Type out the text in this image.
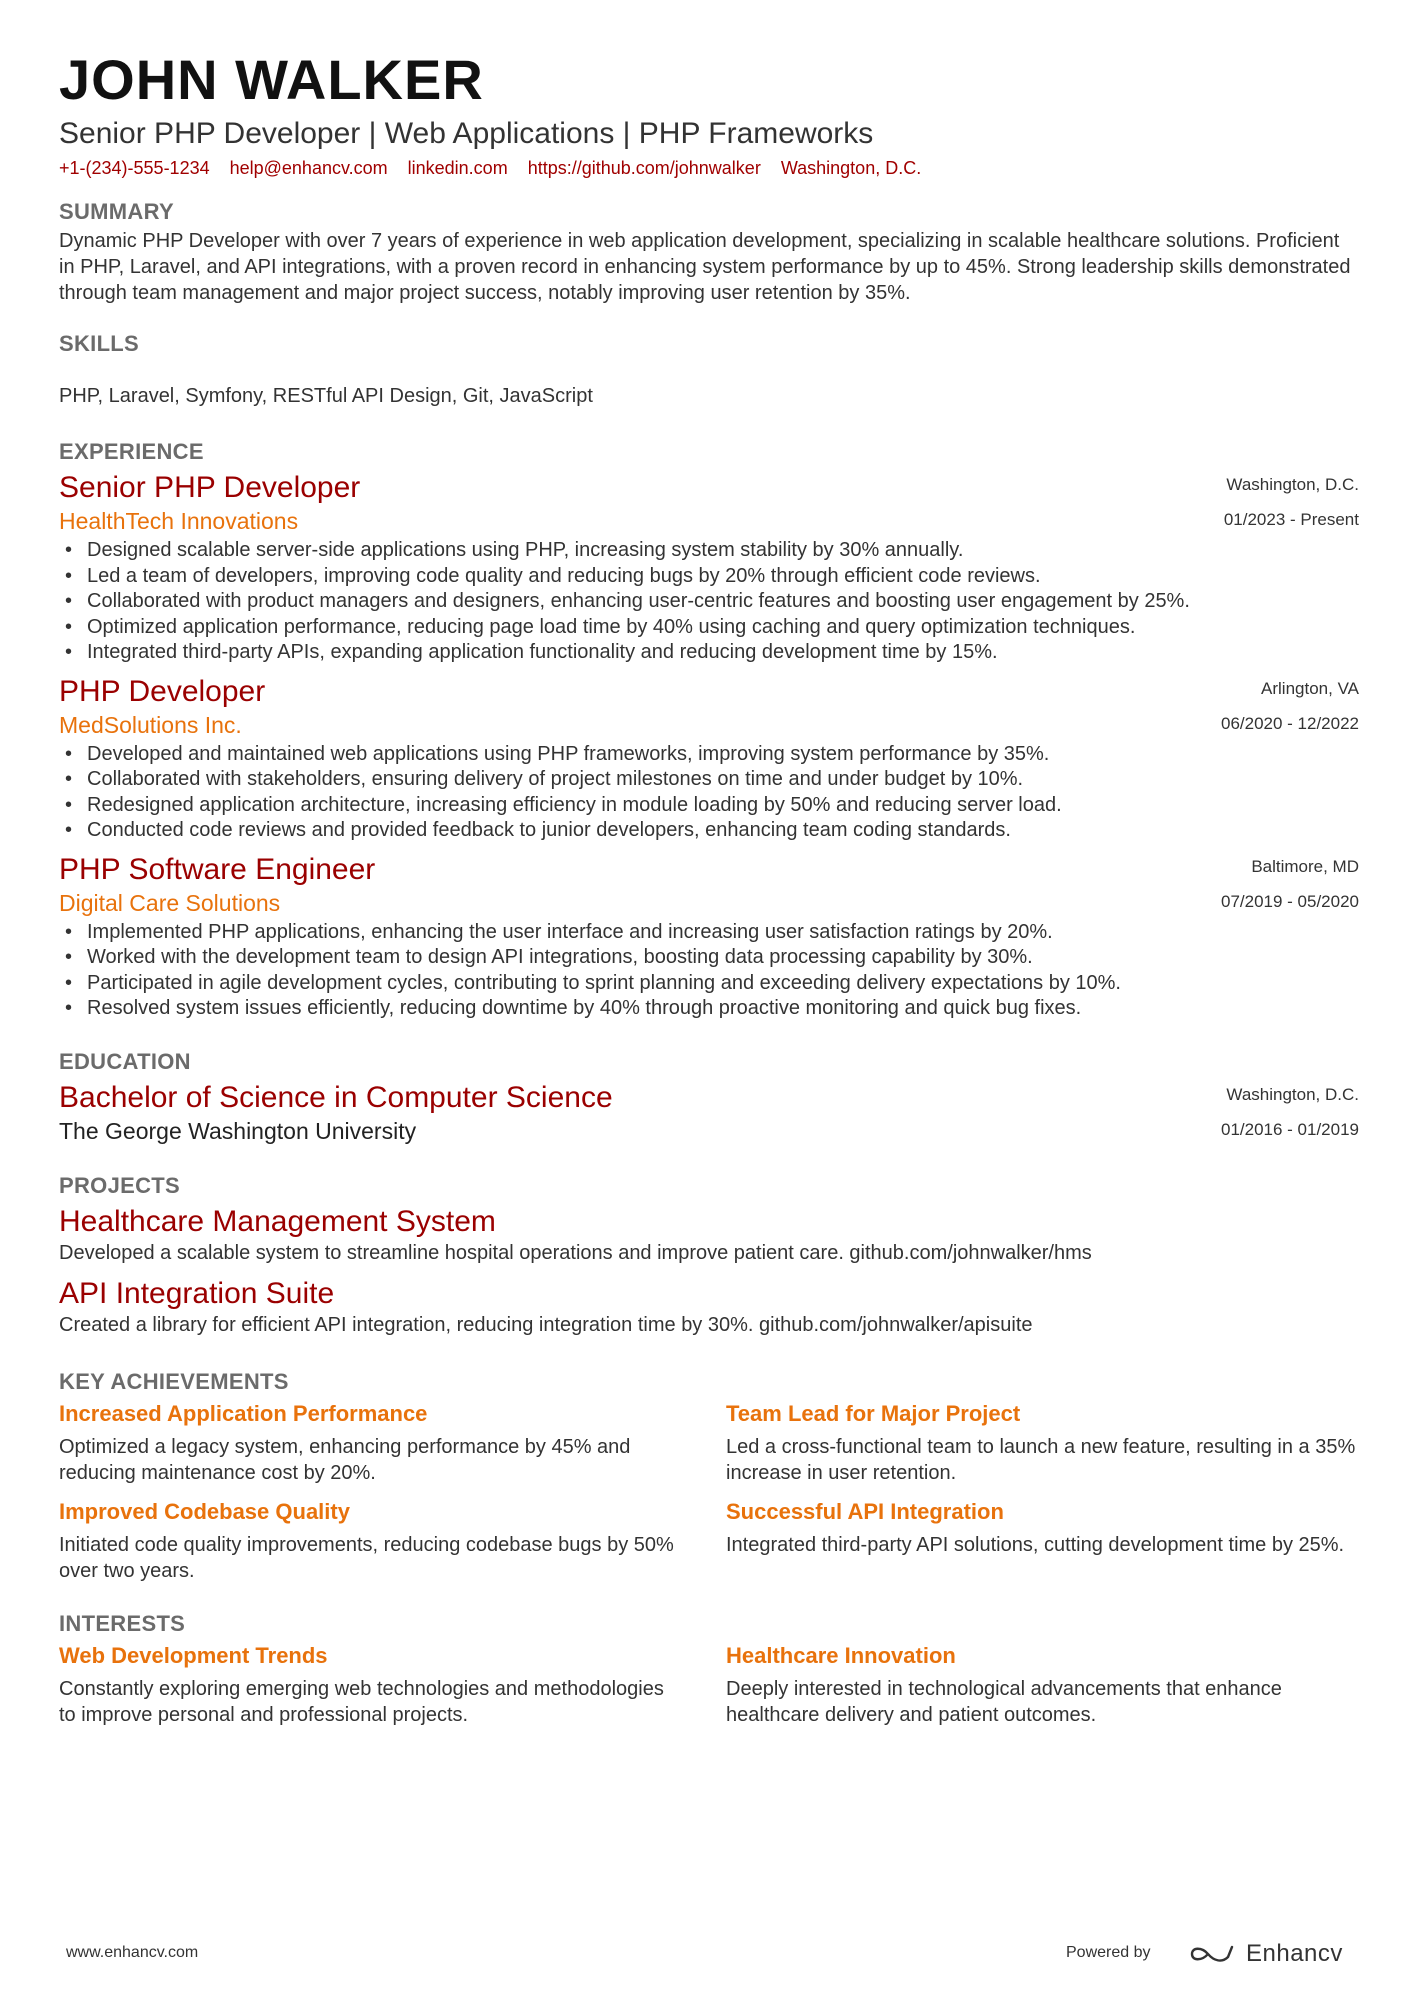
JOHN WALKER
Senior PHP Developer | Web Applications | PHP Frameworks
+1-(234)-555-1234 help@enhancv.com linkedin.com https://github.com/johnwalker Washington, D.C.
SUMMARY
Dynamic PHP Developer with over 7 years of experience in web application development, specializing in scalable healthcare solutions. Proficient in PHP, Laravel, and API integrations, with a proven record in enhancing system performance by up to 45%. Strong leadership skills demonstrated through team management and major project success, notably improving user retention by 35%.
SKILLS
PHP, Laravel, Symfony, RESTful API Design, Git, JavaScript
EXPERIENCE
Senior PHP Developer
HealthTech Innovations
Washington, D.C.
01/2023 - Present
• Designed scalable server-side applications using PHP, increasing system stability by 30% annually.
• Led a team of developers, improving code quality and reducing bugs by 20% through efficient code reviews.
• Collaborated with product managers and designers, enhancing user-centric features and boosting user engagement by 25%.
• Optimized application performance, reducing page load time by 40% using caching and query optimization techniques.
• Integrated third-party APIs, expanding application functionality and reducing development time by 15%.
PHP Developer
MedSolutions Inc.
Arlington, VA
06/2020 - 12/2022
• Developed and maintained web applications using PHP frameworks, improving system performance by 35%.
• Collaborated with stakeholders, ensuring delivery of project milestones on time and under budget by 10%.
• Redesigned application architecture, increasing efficiency in module loading by 50% and reducing server load.
• Conducted code reviews and provided feedback to junior developers, enhancing team coding standards.
PHP Software Engineer
Digital Care Solutions
Baltimore, MD
07/2019 - 05/2020
• Implemented PHP applications, enhancing the user interface and increasing user satisfaction ratings by 20%.
• Worked with the development team to design API integrations, boosting data processing capability by 30%.
• Participated in agile development cycles, contributing to sprint planning and exceeding delivery expectations by 10%.
• Resolved system issues efficiently, reducing downtime by 40% through proactive monitoring and quick bug fixes.
EDUCATION
Bachelor of Science in Computer Science
The George Washington University
Washington, D.C.
01/2016 - 01/2019
PROJECTS
Healthcare Management System
Developed a scalable system to streamline hospital operations and improve patient care. github.com/johnwalker/hms
API Integration Suite
Created a library for efficient API integration, reducing integration time by 30%. github.com/johnwalker/apisuite
KEY ACHIEVEMENTS
Increased Application Performance
Optimized a legacy system, enhancing performance by 45% and reducing maintenance cost by 20%.
Team Lead for Major Project
Led a cross-functional team to launch a new feature, resulting in a 35% increase in user retention.
Improved Codebase Quality
Initiated code quality improvements, reducing codebase bugs by 50% over two years.
Successful API Integration
Integrated third-party API solutions, cutting development time by 25%.
INTERESTS
Web Development Trends
Constantly exploring emerging web technologies and methodologies to improve personal and professional projects.
Healthcare Innovation
Deeply interested in technological advancements that enhance healthcare delivery and patient outcomes.
www.enhancv.com	Powered by	Enhancv
